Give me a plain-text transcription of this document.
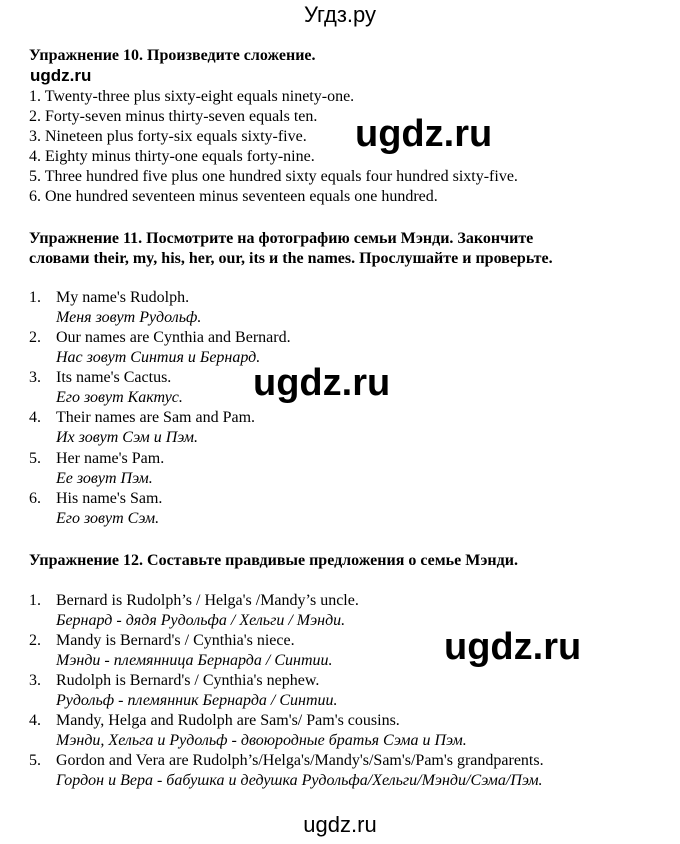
Угдз.ру
Упражнение 10. Произведите сложение.
ugdz.ru
1. Twenty-three plus sixty-eight equals ninety-one.
2. Forty-seven minus thirty-seven equals ten.
3. Nineteen plus forty-six equals sixty-five.
4. Eighty minus thirty-one equals forty-nine.
5. Three hundred five plus one hundred sixty equals four hundred sixty-five.
6. One hundred seventeen minus seventeen equals one hundred.
ugdz.ru
Упражнение 11. Посмотрите на фотографию семьи Мэнди. Закончите
словами their, my, his, her, our, its и the names. Прослушайте и проверьте.
1. My name's Rudolph.
Меня зовут Рудольф.
2. Our names are Cynthia and Bernard.
Нас зовут Синтия и Бернард.
3. Its name's Cactus.
Его зовут Кактус.
4. Their names are Sam and Pam.
Их зовут Сэм и Пэм.
5. Her name's Pam.
Ее зовут Пэм.
6. His name's Sam.
Его зовут Сэм.
ugdz.ru
Упражнение 12. Составьте правдивые предложения о семье Мэнди.
1. Bernard is Rudolph’s / Helga's /Mandy’s uncle.
Бернард - дядя Рудольфа / Хельги / Мэнди.
2. Mandy is Bernard's / Cynthia's niece.
Мэнди - племянница Бернарда / Синтии.
3. Rudolph is Bernard's / Cynthia's nephew.
Рудольф - племянник Бернарда / Синтии.
4. Mandy, Helga and Rudolph are Sam's/ Pam's cousins.
Мэнди, Хельга и Рудольф - двоюродные братья Сэма и Пэм.
5. Gordon and Vera are Rudolph’s/Helga's/Mandy's/Sam's/Pam's grandparents.
Гордон и Вера - бабушка и дедушка Рудольфа/Хельги/Мэнди/Сэма/Пэм.
ugdz.ru
ugdz.ru
